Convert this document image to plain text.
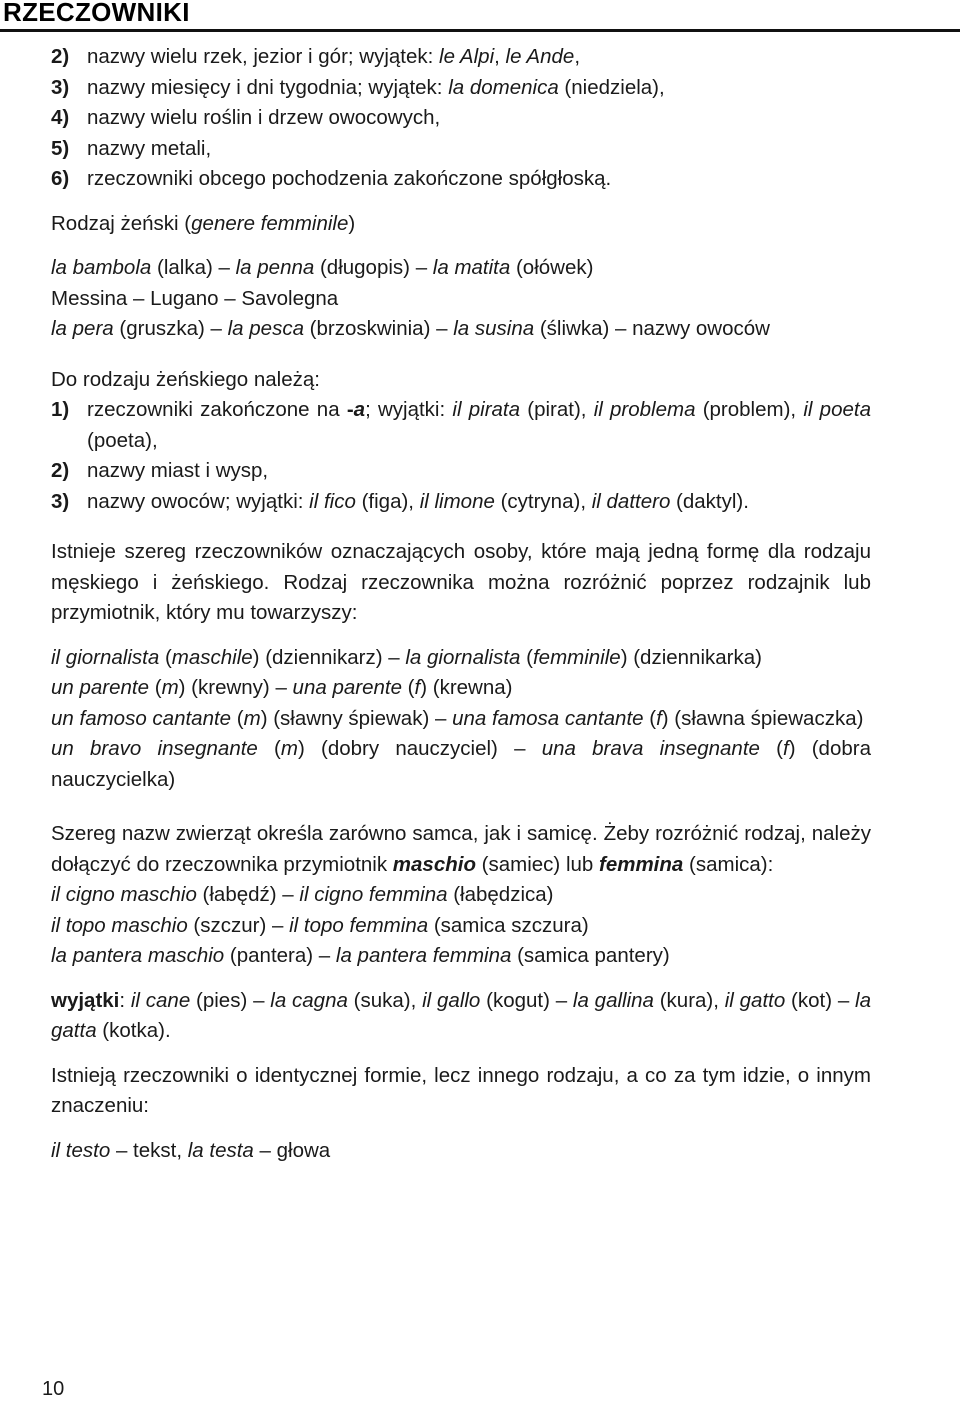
RZECZOWNIKI
2) nazwy wielu rzek, jezior i gór; wyjątek: le Alpi, le Ande,
3) nazwy miesięcy i dni tygodnia; wyjątek: la domenica (niedziela),
4) nazwy wielu roślin i drzew owocowych,
5) nazwy metali,
6) rzeczowniki obcego pochodzenia zakończone spółgłoską.

Rodzaj żeński (genere femminile)

la bambola (lalka) – la penna (długopis) – la matita (ołówek)
Messina – Lugano – Savolegna
la pera (gruszka) – la pesca (brzoskwinia) – la susina (śliwka) – nazwy owoców

Do rodzaju żeńskiego należą:

1) rzeczowniki zakończone na -a; wyjątki: il pirata (pirat), il problema (problem), il poeta (poeta),
2) nazwy miast i wysp,
3) nazwy owoców; wyjątki: il fico (figa), il limone (cytryna), il dattero (daktyl).

Istnieje szereg rzeczowników oznaczających osoby, które mają jedną formę dla rodzaju męskiego i żeńskiego. Rodzaj rzeczownika można rozróżnić poprzez rodzajnik lub przymiotnik, który mu towarzyszy:

il giornalista (maschile) (dziennikarz) – la giornalista (femminile) (dziennikarka)
un parente (m) (krewny) – una parente (f) (krewna)
un famoso cantante (m) (sławny śpiewak) – una famosa cantante (f) (sławna śpiewaczka)
un bravo insegnante (m) (dobry nauczyciel) – una brava insegnante (f) (dobra nauczycielka)

Szereg nazw zwierząt określa zarówno samca, jak i samicę. Żeby rozróżnić rodzaj, należy dołączyć do rzeczownika przymiotnik maschio (samiec) lub femmina (samica):

il cigno maschio (łabędź) – il cigno femmina (łabędzica)
il topo maschio (szczur) – il topo femmina (samica szczura)
la pantera maschio (pantera) – la pantera femmina (samica pantery)

wyjątki: il cane (pies) – la cagna (suka), il gallo (kogut) – la gallina (kura), il gatto (kot) – la gatta (kotka).

Istnieją rzeczowniki o identycznej formie, lecz innego rodzaju, a co za tym idzie, o innym znaczeniu:

il testo – tekst, la testa – głowa

10
